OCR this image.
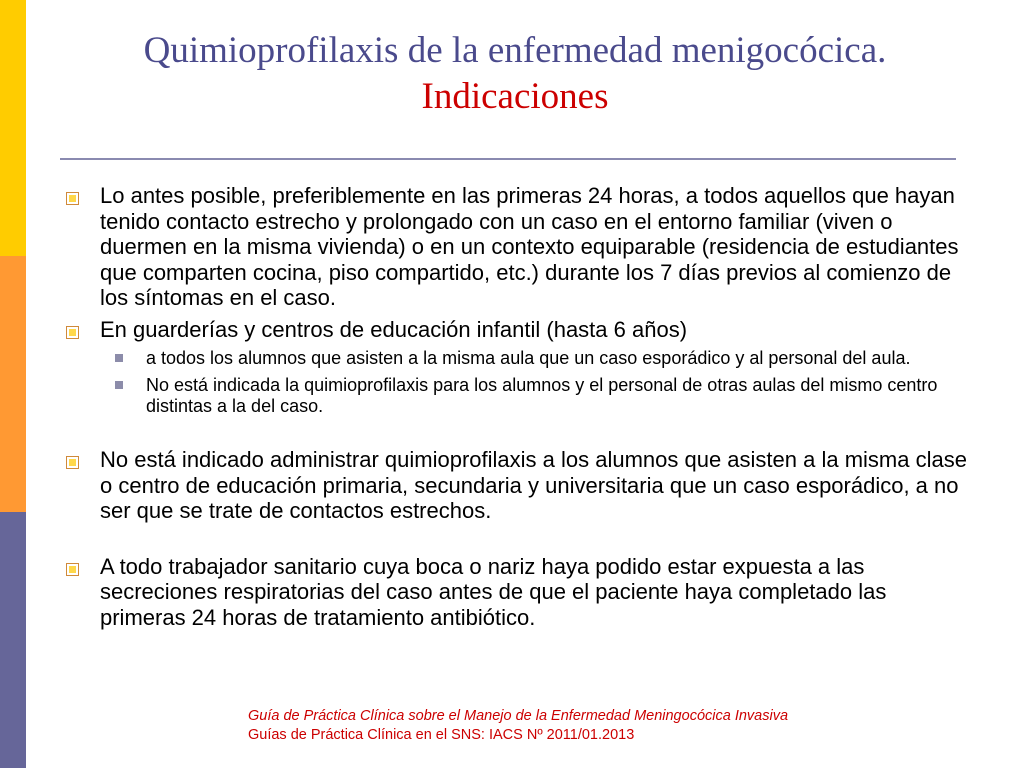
Quimioprofilaxis de la enfermedad menigocócica.
Indicaciones
Lo antes posible, preferiblemente en las primeras 24 horas, a todos aquellos que hayan tenido contacto estrecho y prolongado con un caso en el entorno familiar (viven o duermen en la misma vivienda) o en un contexto equiparable (residencia de estudiantes que comparten cocina, piso compartido, etc.) durante los 7 días previos al comienzo de los síntomas en el caso.
En guarderías y centros de educación infantil (hasta 6 años)
a todos los alumnos que asisten a la misma aula que un caso esporádico y al personal del aula.
No está indicada la quimioprofilaxis para los alumnos y el personal de otras aulas del mismo centro distintas a la del caso.
No está indicado administrar quimioprofilaxis a los alumnos que asisten a la misma clase o centro de educación primaria, secundaria y universitaria que un caso esporádico, a no ser que se trate de contactos estrechos.
A todo trabajador sanitario cuya boca o nariz haya podido estar expuesta a las secreciones respiratorias del caso antes de que el paciente haya completado las primeras 24 horas de tratamiento antibiótico.
Guía de Práctica Clínica sobre el Manejo de la Enfermedad Meningocócica Invasiva
Guías de Práctica Clínica en el SNS: IACS Nº 2011/01.2013
